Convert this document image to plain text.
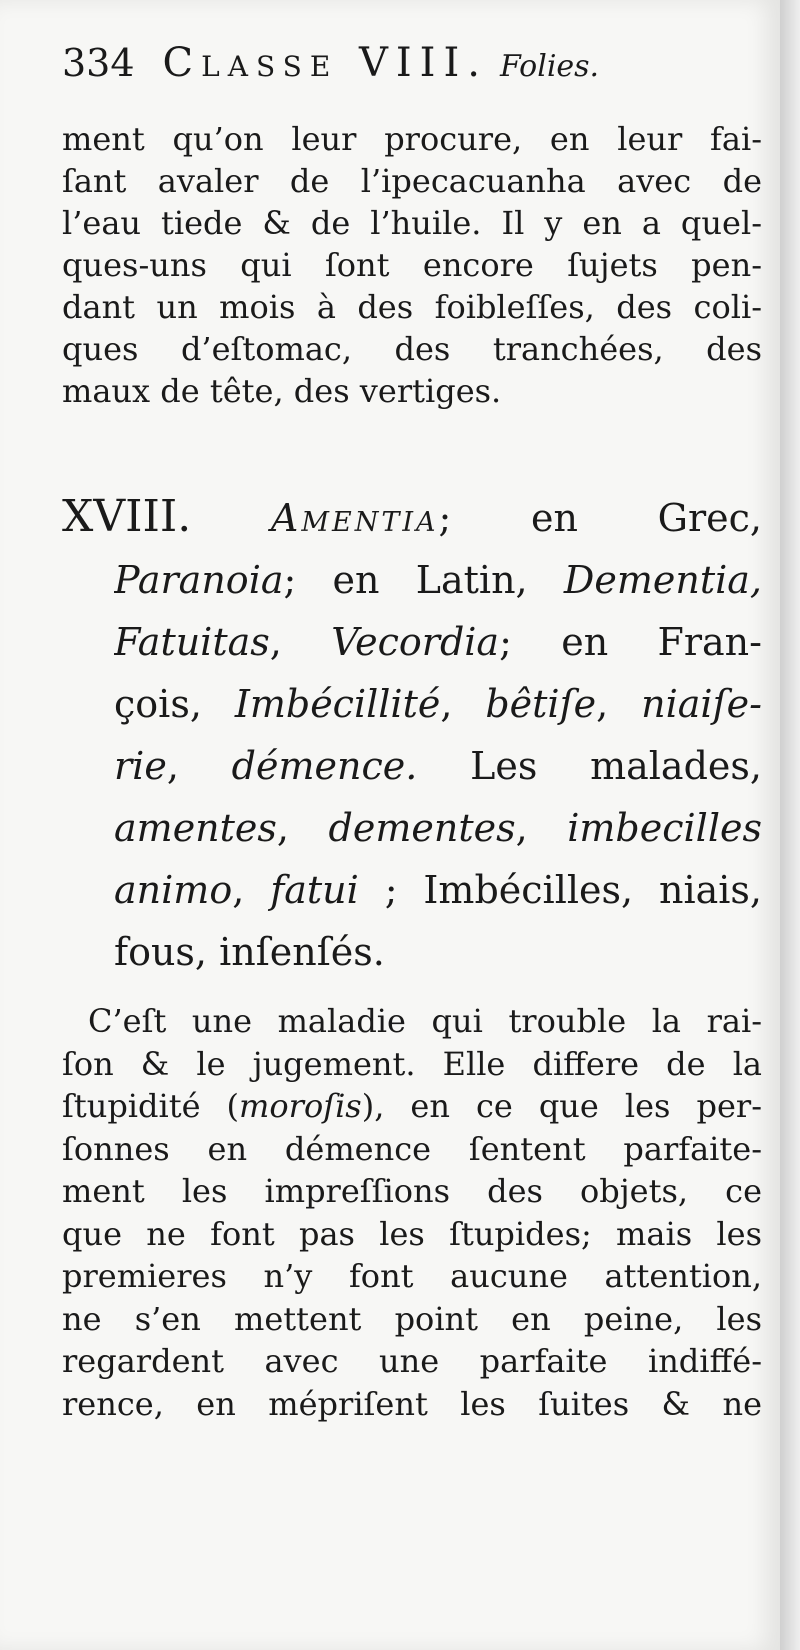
334 Classe VIII. Folies.
ment qu’on leur procure, en leur fai-
ſant avaler de l’ipecacuanha avec de
l’eau tiede & de l’huile. Il y en a quel-
ques-uns qui ſont encore ſujets pen-
dant un mois à des foibleſſes, des coli-
ques d’eſtomac, des tranchées, des
maux de tête, des vertiges.
XVIII. Amentia; en Grec,
Paranoia; en Latin, Dementia,
Fatuitas, Vecordia; en Fran-
çois, Imbécillité, bêtiſe, niaiſe-
rie, démence. Les malades,
amentes, dementes, imbecilles
animo, fatui ; Imbécilles, niais,
fous, inſenſés.
C’eſt une maladie qui trouble la rai-
ſon & le jugement. Elle differe de la
ſtupidité (moroſis), en ce que les per-
ſonnes en démence ſentent parfaite-
ment les impreſſions des objets, ce
que ne font pas les ſtupides; mais les
premieres n’y font aucune attention,
ne s’en mettent point en peine, les
regardent avec une parfaite indiffé-
rence, en mépriſent les ſuites & ne
